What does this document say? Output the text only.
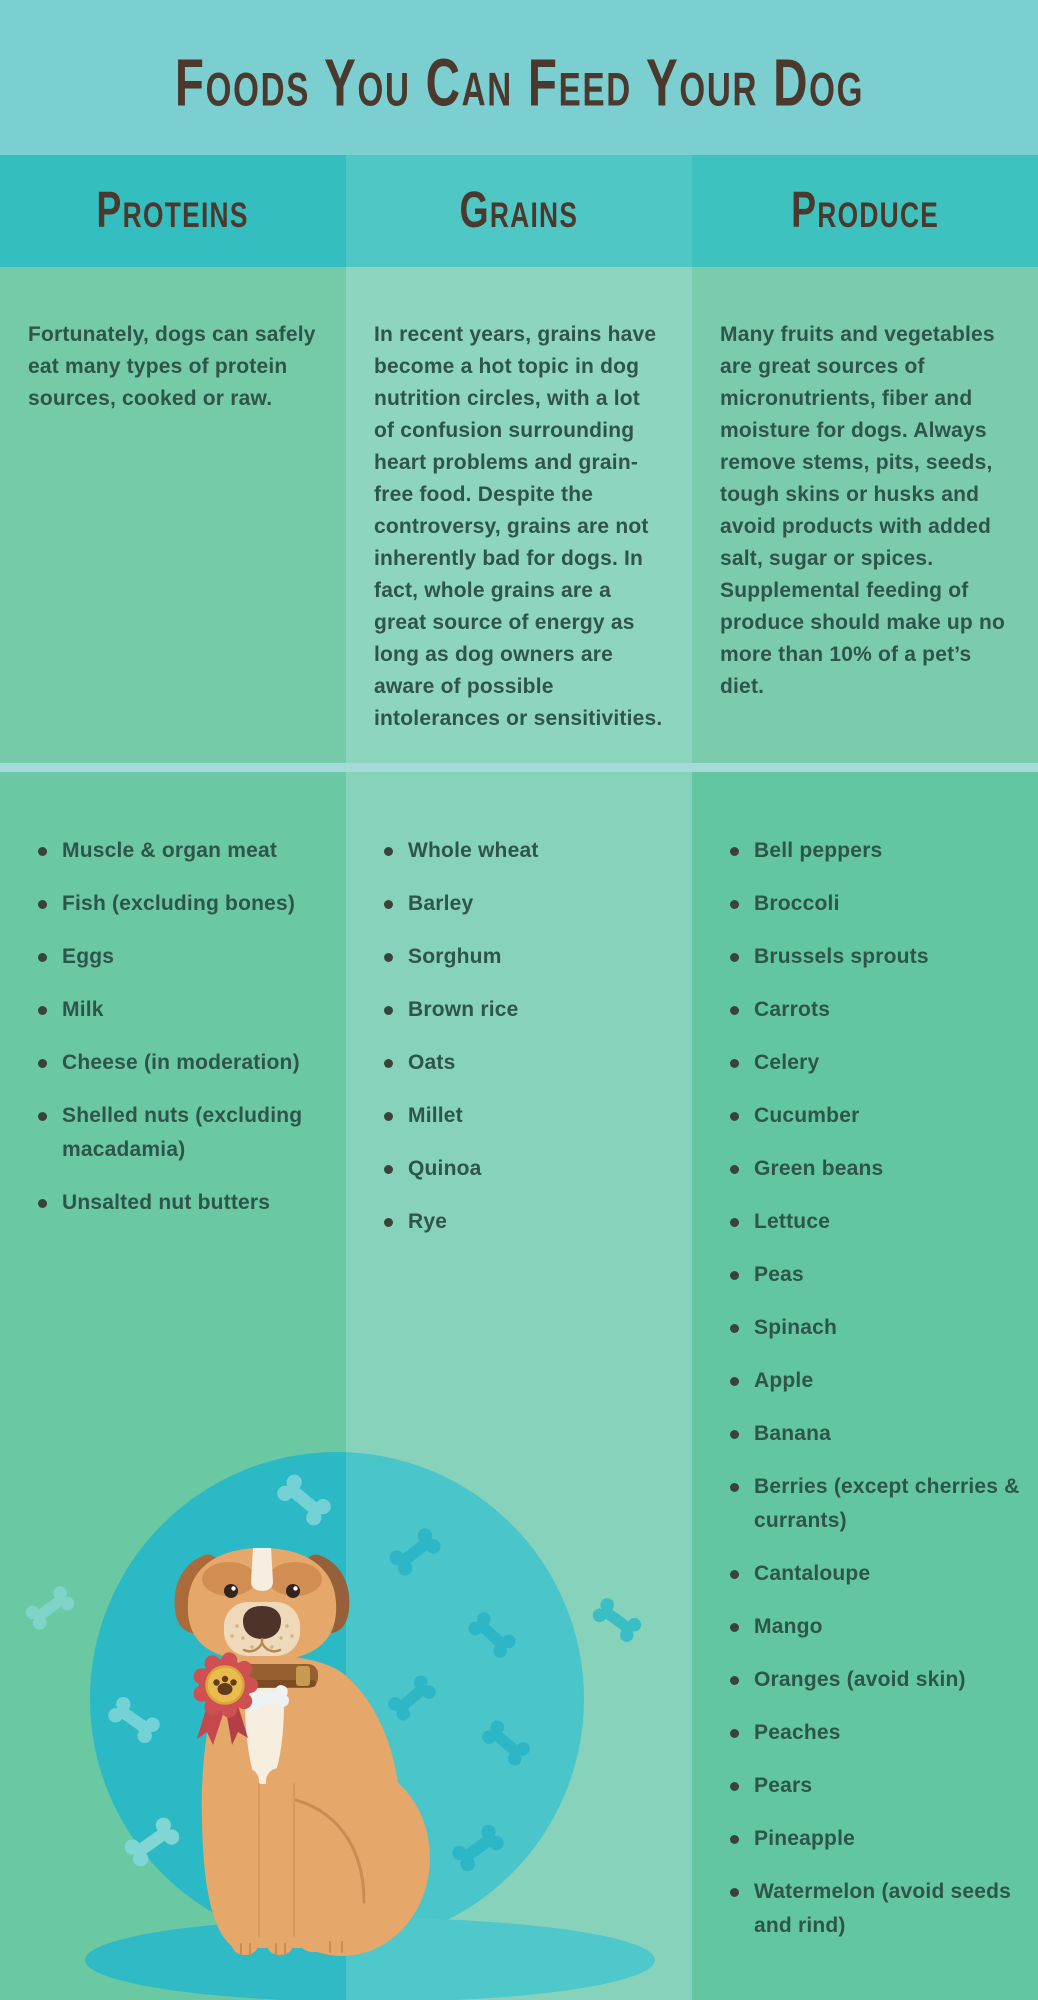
Foods You Can Feed Your Dog
Proteins	Grains	Produce

Fortunately, dogs can safely eat many types of protein sources, cooked or raw.

In recent years, grains have become a hot topic in dog nutrition circles, with a lot of confusion surrounding heart problems and grain-free food. Despite the controversy, grains are not inherently bad for dogs. In fact, whole grains are a great source of energy as long as dog owners are aware of possible intolerances or sensitivities.

Many fruits and vegetables are great sources of micronutrients, fiber and moisture for dogs. Always remove stems, pits, seeds, tough skins or husks and avoid products with added salt, sugar or spices. Supplemental feeding of produce should make up no more than 10% of a pet’s diet.

Muscle & organ meat
Fish (excluding bones)
Eggs
Milk
Cheese (in moderation)
Shelled nuts (excluding macadamia)
Unsalted nut butters
Whole wheat
Barley
Sorghum
Brown rice
Oats
Millet
Quinoa
Rye
Bell peppers
Broccoli
Brussels sprouts
Carrots
Celery
Cucumber
Green beans
Lettuce
Peas
Spinach
Apple
Banana
Berries (except cherries & currants)
Cantaloupe
Mango
Oranges (avoid skin)
Peaches
Pears
Pineapple
Watermelon (avoid seeds and rind)
